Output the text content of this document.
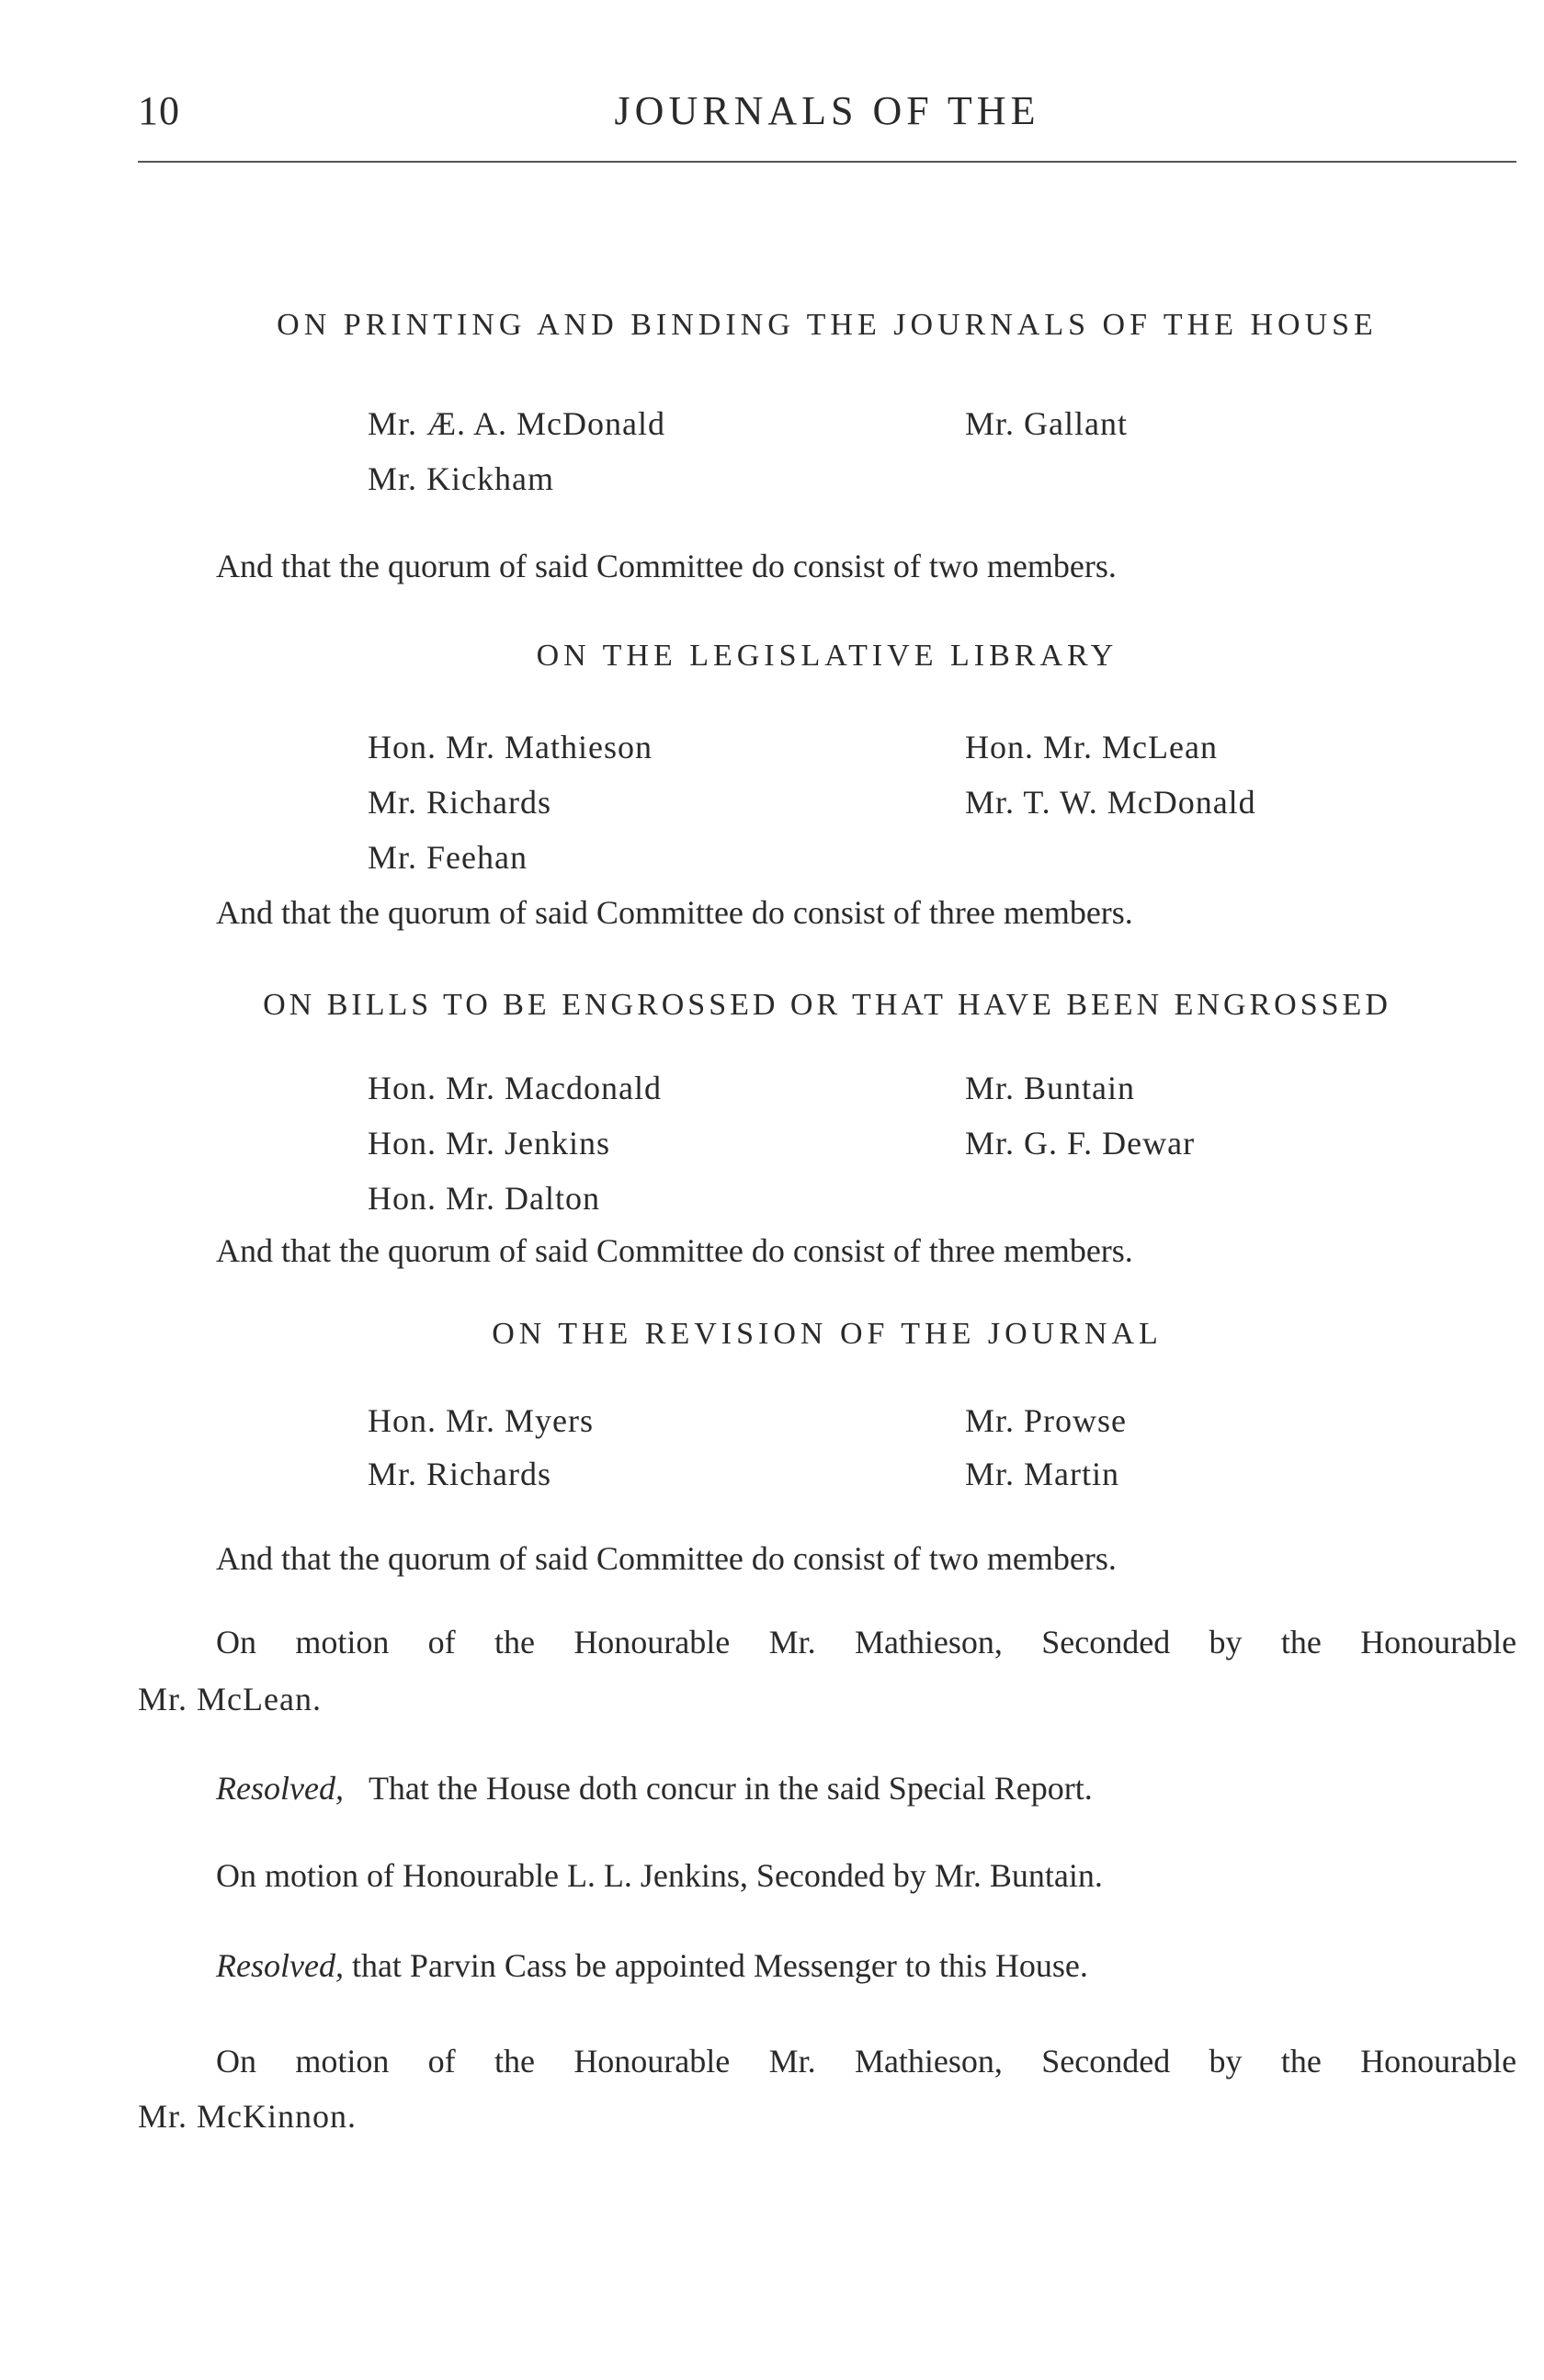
10	JOURNALS OF THE
ON PRINTING AND BINDING THE JOURNALS OF THE HOUSE
Mr. Æ. A. McDonald
Mr. Kickham
Mr. Gallant
And that the quorum of said Committee do consist of two members.
ON THE LEGISLATIVE LIBRARY
Hon. Mr. Mathieson
Mr. Richards
Mr. Feehan
Hon. Mr. McLean
Mr. T. W. McDonald
And that the quorum of said Committee do consist of three members.
ON BILLS TO BE ENGROSSED OR THAT HAVE BEEN ENGROSSED
Hon. Mr. Macdonald
Hon. Mr. Jenkins
Hon. Mr. Dalton
Mr. Buntain
Mr. G. F. Dewar
And that the quorum of said Committee do consist of three members.
ON THE REVISION OF THE JOURNAL
Hon. Mr. Myers
Mr. Richards
Mr. Prowse
Mr. Martin
And that the quorum of said Committee do consist of two members.
On motion of the Honourable Mr. Mathieson, Seconded by the Honourable
Mr. McLean.
Resolved, That the House doth concur in the said Special Report.
On motion of Honourable L. L. Jenkins, Seconded by Mr. Buntain.
Resolved, that Parvin Cass be appointed Messenger to this House.
On motion of the Honourable Mr. Mathieson, Seconded by the Honourable
Mr. McKinnon.
